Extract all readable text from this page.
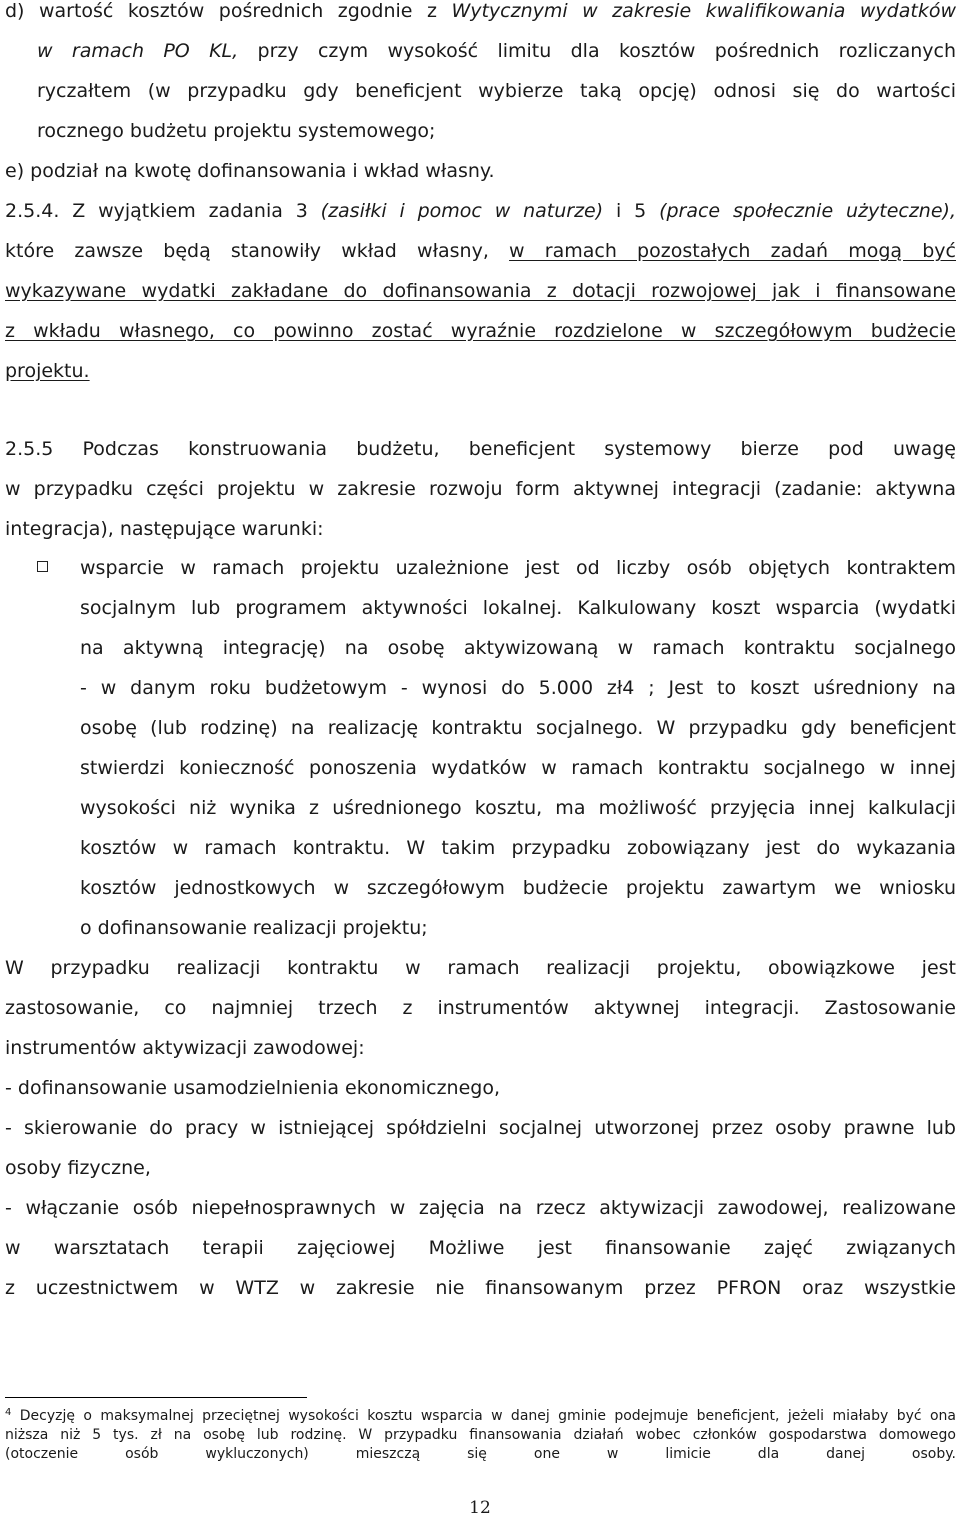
d) wartość kosztów pośrednich zgodnie z Wytycznymi w zakresie kwalifikowania wydatków
w ramach PO KL, przy czym wysokość limitu dla kosztów pośrednich rozliczanych
ryczałtem (w przypadku gdy beneficjent wybierze taką opcję) odnosi się do wartości
rocznego budżetu projektu systemowego;
e) podział na kwotę dofinansowania i wkład własny.
2.5.4. Z wyjątkiem zadania 3 (zasiłki i pomoc w naturze) i 5 (prace społecznie użyteczne),
które zawsze będą stanowiły wkład własny, w ramach pozostałych zadań mogą być
wykazywane wydatki zakładane do dofinansowania z dotacji rozwojowej jak i finansowane
z wkładu własnego, co powinno zostać wyraźnie rozdzielone w szczegółowym budżecie
projektu.
2.5.5 Podczas konstruowania budżetu, beneficjent systemowy bierze pod uwagę
w przypadku części projektu w zakresie rozwoju form aktywnej integracji (zadanie: aktywna
integracja), następujące warunki:
wsparcie w ramach projektu uzależnione jest od liczby osób objętych kontraktem
socjalnym lub programem aktywności lokalnej. Kalkulowany koszt wsparcia (wydatki
na aktywną integrację) na osobę aktywizowaną w ramach kontraktu socjalnego
- w danym roku budżetowym - wynosi do 5.000 zł4 ; Jest to koszt uśredniony na
osobę (lub rodzinę) na realizację kontraktu socjalnego. W przypadku gdy beneficjent
stwierdzi konieczność ponoszenia wydatków w ramach kontraktu socjalnego w innej
wysokości niż wynika z uśrednionego kosztu, ma możliwość przyjęcia innej kalkulacji
kosztów w ramach kontraktu. W takim przypadku zobowiązany jest do wykazania
kosztów jednostkowych w szczegółowym budżecie projektu zawartym we wniosku
o dofinansowanie realizacji projektu;
W przypadku realizacji kontraktu w ramach realizacji projektu, obowiązkowe jest
zastosowanie, co najmniej trzech z instrumentów aktywnej integracji. Zastosowanie
instrumentów aktywizacji zawodowej:
- dofinansowanie usamodzielnienia ekonomicznego,
- skierowanie do pracy w istniejącej spółdzielni socjalnej utworzonej przez osoby prawne lub
osoby fizyczne,
- włączanie osób niepełnosprawnych w zajęcia na rzecz aktywizacji zawodowej, realizowane
w warsztatach terapii zajęciowej Możliwe jest finansowanie zajęć związanych
z uczestnictwem w WTZ w zakresie nie finansowanym przez PFRON oraz wszystkie
$^4$ Decyzję o maksymalnej przeciętnej wysokości kosztu wsparcia w danej gminie podejmuje beneficjent, jeżeli miałaby być ona
niższa niż 5 tys. zł na osobę lub rodzinę. W przypadku finansowania działań wobec członków gospodarstwa domowego
(otoczenie osób wykluczonych) mieszczą się one w limicie dla danej osoby.
12
